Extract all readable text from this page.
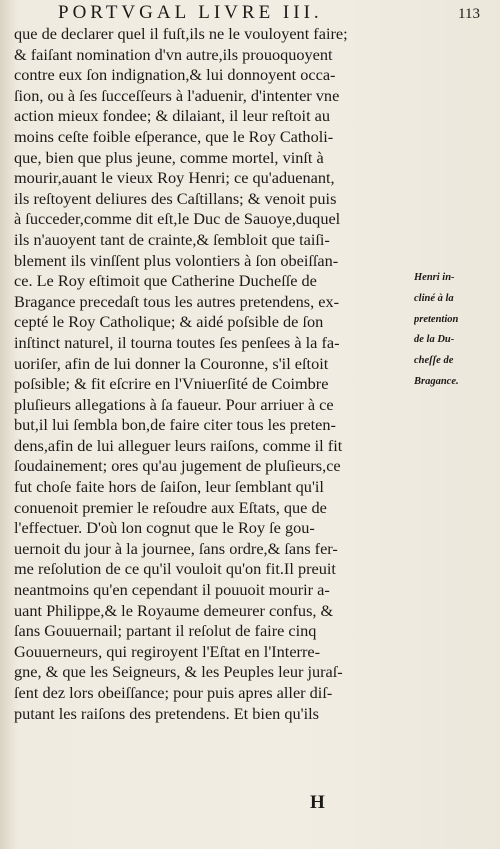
PORTVGAL LIVRE III.	113
que de declarer quel il fuſt,ils ne le vouloyent faire;
& faiſant nomination d'vn autre,ils prouoquoyent
contre eux ſon indignation,& lui donnoyent occa-
ſion, ou à ſes ſucceſſeurs à l'aduenir, d'intenter vne
action mieux fondee; & dilaiant, il leur reſtoit au
moins ceſte foible eſperance, que le Roy Catholi-
que, bien que plus jeune, comme mortel, vinſt à
mourir,auant le vieux Roy Henri; ce qu'aduenant,
ils reſtoyent deliures des Caſtillans; & venoit puis
à ſucceder,comme dit eſt,le Duc de Sauoye,duquel
ils n'auoyent tant de crainte,& ſembloit que taiſi-
blement ils vinſſent plus volontiers à ſon obeiſſan-
ce. Le Roy eſtimoit que Catherine Ducheſſe de
Bragance precedaſt tous les autres pretendens, ex-
cepté le Roy Catholique; & aidé poſsible de ſon
inſtinct naturel, il tourna toutes ſes penſees à la fa-
uoriſer, afin de lui donner la Couronne, s'il eſtoit
poſsible; & fit eſcrire en l'Vniuerſité de Coimbre
pluſieurs allegations à ſa faueur. Pour arriuer à ce
but,il lui ſembla bon,de faire citer tous les preten-
dens,afin de lui alleguer leurs raiſons, comme il fit
ſoudainement; ores qu'au jugement de pluſieurs,ce
fut choſe faite hors de ſaiſon, leur ſemblant qu'il
conuenoit premier le reſoudre aux Eſtats, que de
l'effectuer. D'où lon cognut que le Roy ſe gou-
uernoit du jour à la journee, ſans ordre,& ſans fer-
me reſolution de ce qu'il vouloit qu'on fit.Il preuit
neantmoins qu'en cependant il pouuoit mourir a-
uant Philippe,& le Royaume demeurer confus, &
ſans Gouuernail; partant il reſolut de faire cinq
Gouuerneurs, qui regiroyent l'Eſtat en l'Interre-
gne, & que les Seigneurs, & les Peuples leur juraſ-
ſent dez lors obeiſſance; pour puis apres aller diſ-
putant les raiſons des pretendens. Et bien qu'ils
Henri in-
cliné à la
pretention
de la Du-
cheſſe de
Bragance.
H
